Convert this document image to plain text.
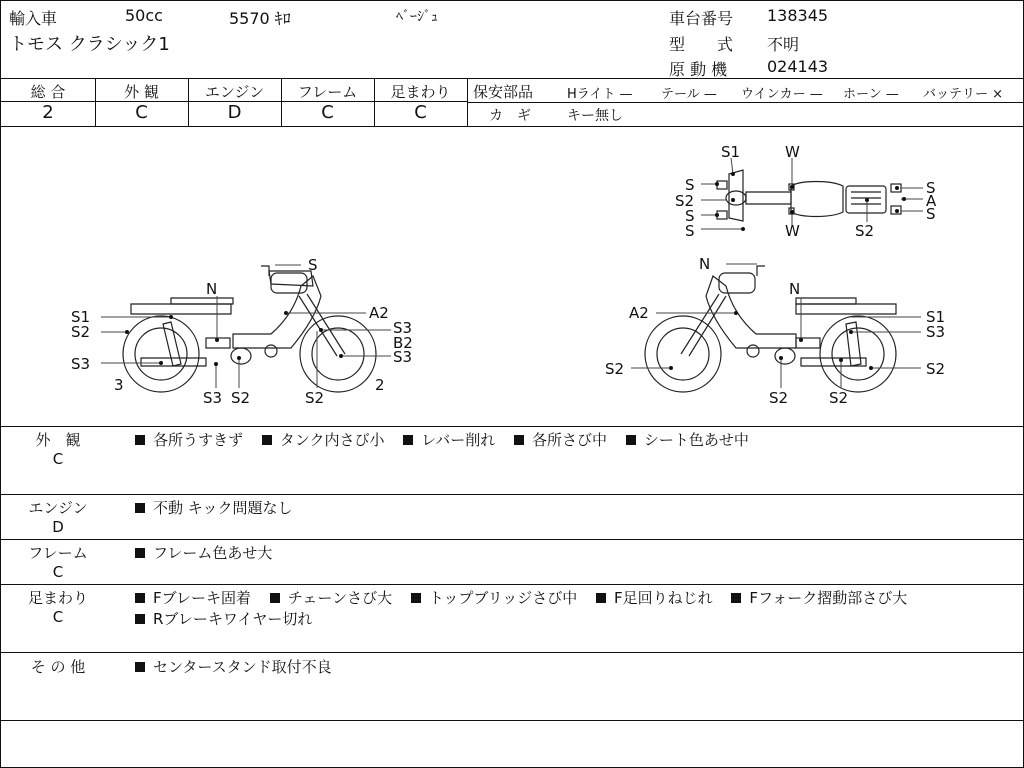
輸入車	50cc	5570 ｷﾛ	ﾍﾞｰｼﾞｭ
トモス クラシック1
車台番号 138345
型　　式 不明
原 動 機 024143
総 合	外 観	エンジン	フレーム	足まわり
2	C	D	C	C
保安部品	Hライト — テール — ウインカー — ホーン — バッテリー ×
カ　ギ	キー無し
S1
S
S2
S
S
W
W
S
A
S
S2
S
N
A2
S1
S2	S3
S3
B2
S3
3
S3 S2	S2
2
N
N
A2	S1
S3
S2	S2
S2	S2
外　観
C
各所うすきず タンク内さび小 レバー削れ 各所さび中 シート色あせ中
エンジン
D
不動 キック問題なし
フレーム
C
フレーム色あせ大
足まわり
C
Fブレーキ固着 チェーンさび大 トップブリッジさび中 F足回りねじれ Fフォーク摺動部さび大
Rブレーキワイヤー切れ
そ の 他	センタースタンド取付不良
